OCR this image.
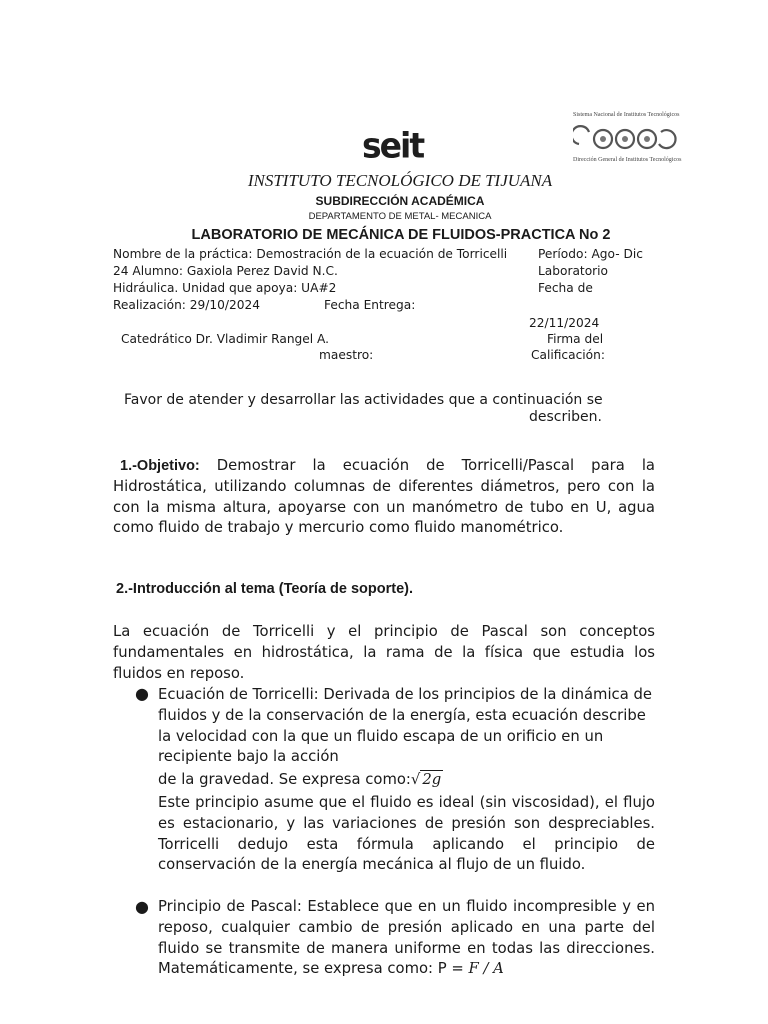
seit
Sistema Nacional de Institutos Tecnológicos
Dirección General de Institutos Tecnológicos
INSTITUTO TECNOLÓGICO DE TIJUANA
SUBDIRECCIÓN ACADÉMICA
DEPARTAMENTO DE METAL- MECANICA
LABORATORIO DE MECÁNICA DE FLUIDOS-PRACTICA No 2
Nombre de la práctica: Demostración de la ecuación de Torricelli	Período: Ago- Dic
24 Alumno: Gaxiola Perez David N.C.	Laboratorio
Hidráulica. Unidad que apoya: UA#2	Fecha de
Realización: 29/10/2024	Fecha Entrega:
22/11/2024
Catedrático Dr. Vladimir Rangel A.	Firma del
maestro:	Calificación:
Favor de atender y desarrollar las actividades que a continuación se
describen.
1.-Objetivo: Demostrar la ecuación de Torricelli/Pascal para la Hidrostática, utilizando columnas de diferentes diámetros, pero con la con la misma altura, apoyarse con un manómetro de tubo en U, agua como fluido de trabajo y mercurio como fluido manométrico.
2.-Introducción al tema (Teoría de soporte).
La ecuación de Torricelli y el principio de Pascal son conceptos fundamentales en hidrostática, la rama de la física que estudia los fluidos en reposo.
● Ecuación de Torricelli: Derivada de los principios de la dinámica de fluidos y de la conservación de la energía, esta ecuación describe la velocidad con la que un fluido escapa de un orificio en un recipiente bajo la acción
de la gravedad. Se expresa como:√ 2g
Este principio asume que el fluido es ideal (sin viscosidad), el flujo es estacionario, y las variaciones de presión son despreciables. Torricelli dedujo esta fórmula aplicando el principio de conservación de la energía mecánica al flujo de un fluido.
● Principio de Pascal: Establece que en un fluido incompresible y en reposo, cualquier cambio de presión aplicado en una parte del fluido se transmite de manera uniforme en todas las direcciones. Matemáticamente, se expresa como: P = F / A
